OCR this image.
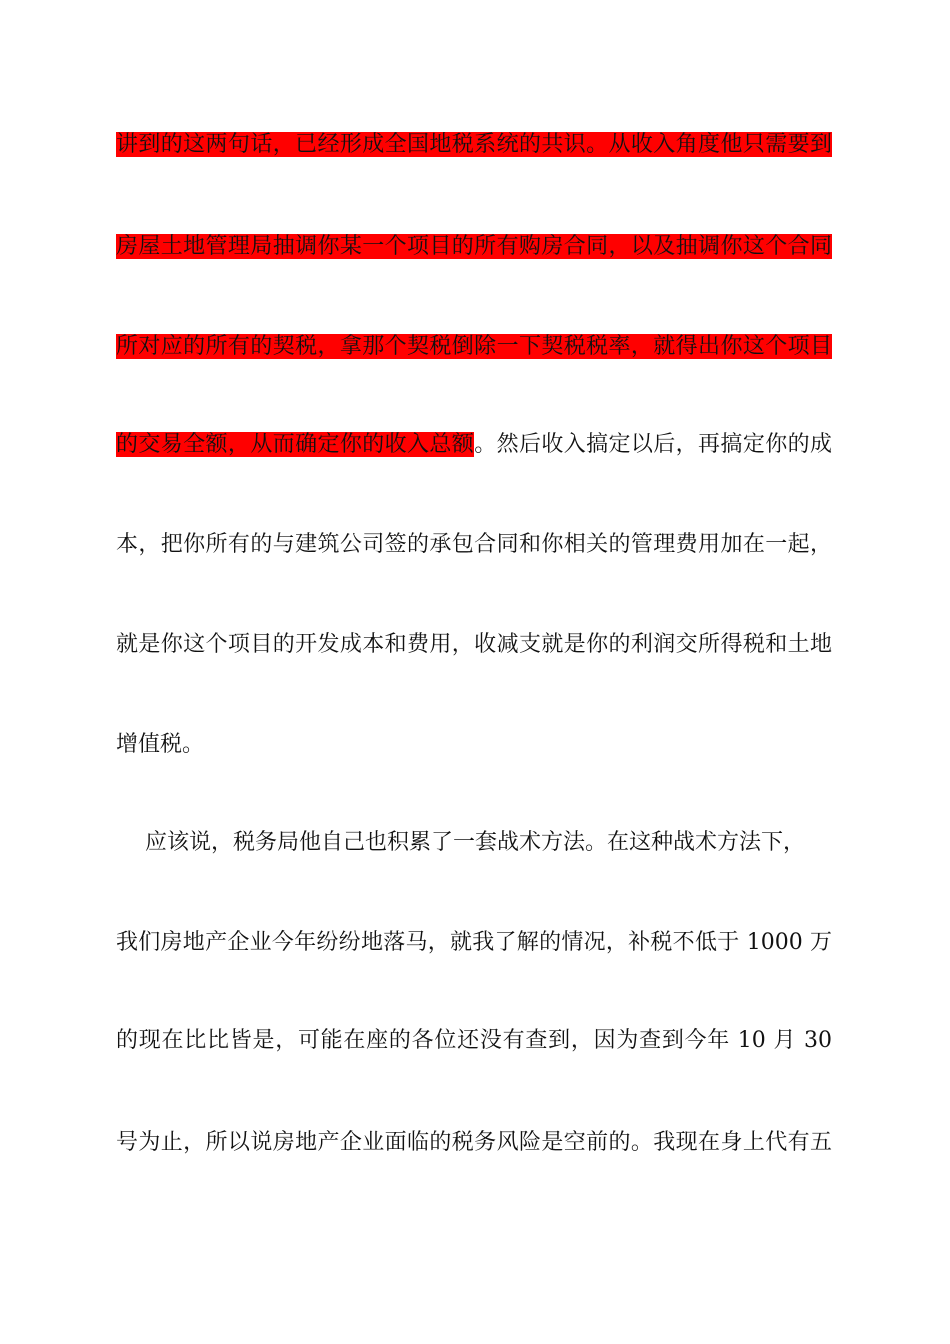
讲到的这两句话，已经形成全国地税系统的共识。从收入角度他只需要到
房屋土地管理局抽调你某一个项目的所有购房合同，以及抽调你这个合同
所对应的所有的契税，拿那个契税倒除一下契税税率，就得出你这个项目
的交易全额，从而确定你的收入总额。然后收入搞定以后，再搞定你的成
本，把你所有的与建筑公司签的承包合同和你相关的管理费用加在一起，
就是你这个项目的开发成本和费用，收减支就是你的利润交所得税和土地
增值税。
应该说，税务局他自己也积累了一套战术方法。在这种战术方法下，
我们房地产企业今年纷纷地落马，就我了解的情况，补税不低于 1000 万
的现在比比皆是，可能在座的各位还没有查到，因为查到今年 10 月 30
号为止，所以说房地产企业面临的税务风险是空前的。我现在身上代有五
